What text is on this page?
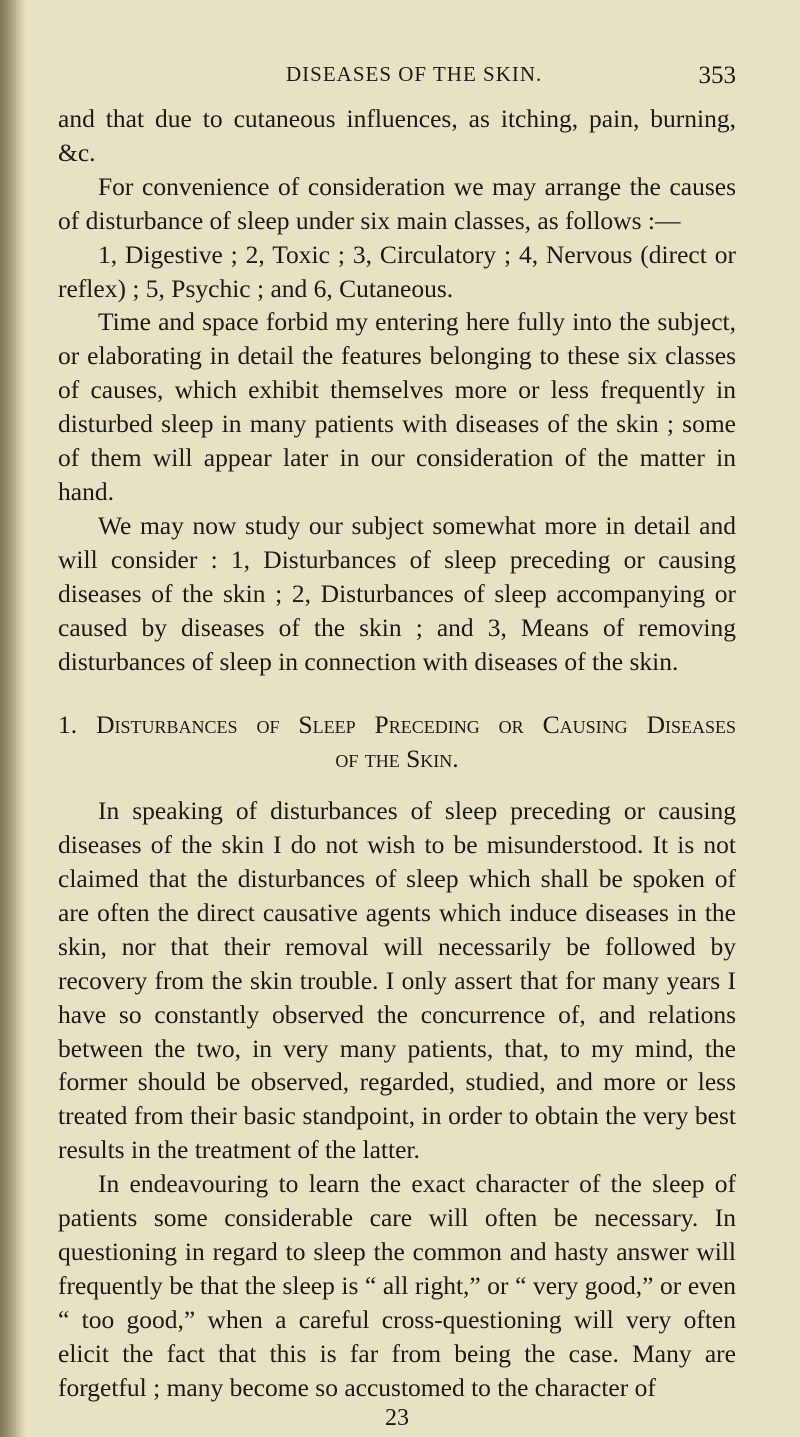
DISEASES OF THE SKIN.	353

and that due to cutaneous influences, as itching, pain, burning, &c.

For convenience of consideration we may arrange the causes of disturbance of sleep under six main classes, as follows :—

1, Digestive ; 2, Toxic ; 3, Circulatory ; 4, Nervous (direct or reflex) ; 5, Psychic ; and 6, Cutaneous.

Time and space forbid my entering here fully into the subject, or elaborating in detail the features belonging to these six classes of causes, which exhibit themselves more or less frequently in disturbed sleep in many patients with diseases of the skin ; some of them will appear later in our consideration of the matter in hand.

We may now study our subject somewhat more in detail and will consider : 1, Disturbances of sleep preceding or causing diseases of the skin ; 2, Disturbances of sleep accompanying or caused by diseases of the skin ; and 3, Means of removing disturbances of sleep in connection with diseases of the skin.

1. Disturbances of Sleep Preceding or Causing Diseases
of the Skin.

In speaking of disturbances of sleep preceding or causing diseases of the skin I do not wish to be misunderstood. It is not claimed that the disturbances of sleep which shall be spoken of are often the direct causative agents which induce diseases in the skin, nor that their removal will necessarily be followed by recovery from the skin trouble. I only assert that for many years I have so constantly observed the concurrence of, and relations between the two, in very many patients, that, to my mind, the former should be observed, regarded, studied, and more or less treated from their basic standpoint, in order to obtain the very best results in the treatment of the latter.

In endeavouring to learn the exact character of the sleep of patients some considerable care will often be necessary. In questioning in regard to sleep the common and hasty answer will frequently be that the sleep is “ all right,” or “ very good,” or even “ too good,” when a careful cross-questioning will very often elicit the fact that this is far from being the case. Many are forgetful ; many become so accustomed to the character of

23
